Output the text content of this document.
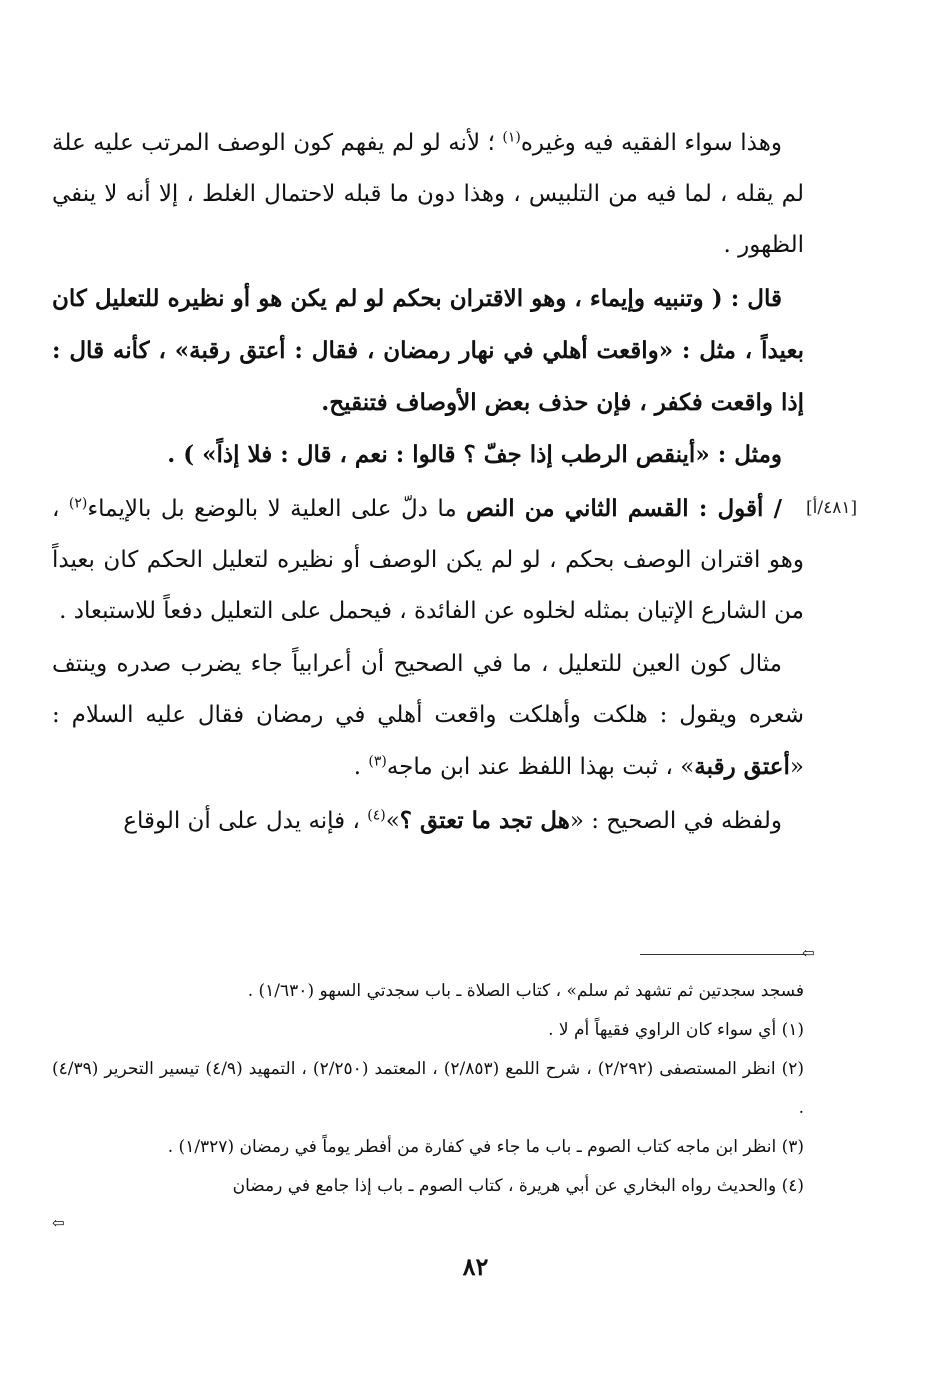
[٤٨١/أ]

وهذا سواء الفقيه فيه وغيره$^{(١)}$ ؛ لأنه لو لم يفهم كون الوصف المرتب عليه علة لم يقله ، لما فيه من التلبيس ، وهذا دون ما قبله لاحتمال الغلط ، إلا أنه لا ينفي الظهور .

قال : ( وتنبيه وإيماء ، وهو الاقتران بحكم لو لم يكن هو أو نظيره للتعليل كان بعيداً ، مثل : «واقعت أهلي في نهار رمضان ، فقال : أعتق رقبة» ، كأنه قال : إذا واقعت فكفر ، فإن حذف بعض الأوصاف فتنقيح.

ومثل : «أينقص الرطب إذا جفّ ؟ قالوا : نعم ، قال : فلا إذاً» ) .

/ أقول : القسم الثاني من النص ما دلّ على العلية لا بالوضع بل بالإيماء$^{(٢)}$ ، وهو اقتران الوصف بحكم ، لو لم يكن الوصف أو نظيره لتعليل الحكم كان بعيداً من الشارع الإتيان بمثله لخلوه عن الفائدة ، فيحمل على التعليل دفعاً للاستبعاد .

مثال كون العين للتعليل ، ما في الصحيح أن أعرابياً جاء يضرب صدره وينتف شعره ويقول : هلكت وأهلكت واقعت أهلي في رمضان فقال عليه السلام : «أعتق رقبة» ، ثبت بهذا اللفظ عند ابن ماجه$^{(٣)}$ .

ولفظه في الصحيح : «هل تجد ما تعتق ؟»$^{(٤)}$ ، فإنه يدل على أن الوقاع

⇦

فسجد سجدتين ثم تشهد ثم سلم» ، كتاب الصلاة ـ باب سجدتي السهو (١/٦٣٠) .

(١) أي سواء كان الراوي فقيهاً أم لا .

(٢) انظر المستصفى (٢/٢٩٢) ، شرح اللمع (٢/٨٥٣) ، المعتمد (٢/٢٥٠) ، التمهيد (٤/٩) تيسير التحرير (٤/٣٩) .

(٣) انظر ابن ماجه كتاب الصوم ـ باب ما جاء في كفارة من أفطر يوماً في رمضان (١/٣٢٧) .

(٤) والحديث رواه البخاري عن أبي هريرة ، كتاب الصوم ـ باب إذا جامع في رمضان

⇦
٨٢
